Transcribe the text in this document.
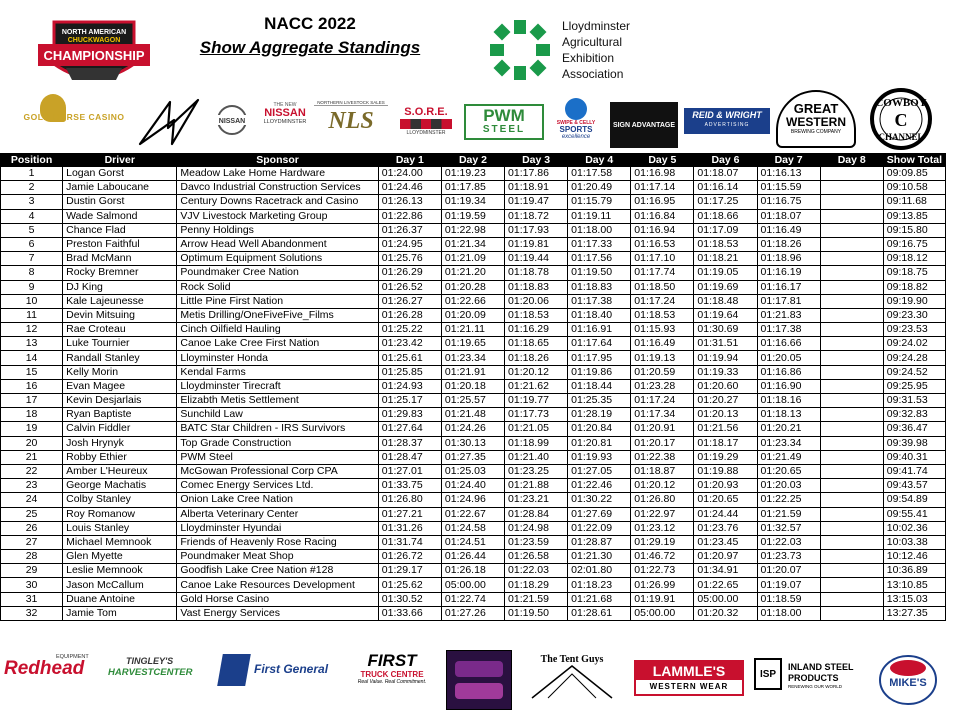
NORTH AMERICAN
CHUCKWAGON
CHAMPIONSHIP
NACC 2022
Show Aggregate Standings
Lloydminster
Agricultural
Exhibition
Association
GOLD HORSE CASINO	NISSAN
THE NEW
NISSAN
LLOYDMINSTER
NORTHERN LIVESTOCK SALES
NLS	S.O.R.E.
LLOYDMINSTER
PWM
STEEL
SWIPE & CELLY
SPORTS
excellence
SIGN ADVANTAGE
REID & WRIGHT
ADVERTISING
GREAT
WESTERN
BREWING COMPANY
COWBOY
CHANNEL
C
Position	Driver	Sponsor	Day 1	Day 2	Day 3	Day 4	Day 5	Day 6	Day 7	Day 8	Show Total
1	Logan Gorst	Meadow Lake Home Hardware	01:24.00	01:19.23	01:17.86	01:17.58	01:16.98	01:18.07	01:16.13		09:09.85
2	Jamie Laboucane	Davco Industrial Construction Services	01:24.46	01:17.85	01:18.91	01:20.49	01:17.14	01:16.14	01:15.59		09:10.58
3	Dustin Gorst	Century Downs Racetrack and Casino	01:26.13	01:19.34	01:19.47	01:15.79	01:16.95	01:17.25	01:16.75		09:11.68
4	Wade Salmond	VJV Livestock Marketing Group	01:22.86	01:19.59	01:18.72	01:19.11	01:16.84	01:18.66	01:18.07		09:13.85
5	Chance Flad	Penny Holdings	01:26.37	01:22.98	01:17.93	01:18.00	01:16.94	01:17.09	01:16.49		09:15.80
6	Preston Faithful	Arrow Head Well Abandonment	01:24.95	01:21.34	01:19.81	01:17.33	01:16.53	01:18.53	01:18.26		09:16.75
7	Brad McMann	Optimum Equipment Solutions	01:25.76	01:21.09	01:19.44	01:17.56	01:17.10	01:18.21	01:18.96		09:18.12
8	Rocky Bremner	Poundmaker Cree Nation	01:26.29	01:21.20	01:18.78	01:19.50	01:17.74	01:19.05	01:16.19		09:18.75
9	DJ King	Rock Solid	01:26.52	01:20.28	01:18.83	01:18.83	01:18.50	01:19.69	01:16.17		09:18.82
10	Kale Lajeunesse	Little Pine First Nation	01:26.27	01:22.66	01:20.06	01:17.38	01:17.24	01:18.48	01:17.81		09:19.90
11	Devin Mitsuing	Metis Drilling/OneFiveFive_Films	01:26.28	01:20.09	01:18.53	01:18.40	01:18.53	01:19.64	01:21.83		09:23.30
12	Rae Croteau	Cinch Oilfield Hauling	01:25.22	01:21.11	01:16.29	01:16.91	01:15.93	01:30.69	01:17.38		09:23.53
13	Luke Tournier	Canoe Lake Cree First Nation	01:23.42	01:19.65	01:18.65	01:17.64	01:16.49	01:31.51	01:16.66		09:24.02
14	Randall Stanley	Lloyminster Honda	01:25.61	01:23.34	01:18.26	01:17.95	01:19.13	01:19.94	01:20.05		09:24.28
15	Kelly Morin	Kendal Farms	01:25.85	01:21.91	01:20.12	01:19.86	01:20.59	01:19.33	01:16.86		09:24.52
16	Evan Magee	Lloydminster Tirecraft	01:24.93	01:20.18	01:21.62	01:18.44	01:23.28	01:20.60	01:16.90		09:25.95
17	Kevin Desjarlais	Elizabth Metis Settlement	01:25.17	01:25.57	01:19.77	01:25.35	01:17.24	01:20.27	01:18.16		09:31.53
18	Ryan Baptiste	Sunchild Law	01:29.83	01:21.48	01:17.73	01:28.19	01:17.34	01:20.13	01:18.13		09:32.83
19	Calvin Fiddler	BATC Star Children - IRS Survivors	01:27.64	01:24.26	01:21.05	01:20.84	01:20.91	01:21.56	01:20.21		09:36.47
20	Josh Hrynyk	Top Grade Construction	01:28.37	01:30.13	01:18.99	01:20.81	01:20.17	01:18.17	01:23.34		09:39.98
21	Robby Ethier	PWM Steel	01:28.47	01:27.35	01:21.40	01:19.93	01:22.38	01:19.29	01:21.49		09:40.31
22	Amber L'Heureux	McGowan Professional Corp CPA	01:27.01	01:25.03	01:23.25	01:27.05	01:18.87	01:19.88	01:20.65		09:41.74
23	George Machatis	Comec Energy Services Ltd.	01:33.75	01:24.40	01:21.88	01:22.46	01:20.12	01:20.93	01:20.03		09:43.57
24	Colby Stanley	Onion Lake Cree Nation	01:26.80	01:24.96	01:23.21	01:30.22	01:26.80	01:20.65	01:22.25		09:54.89
25	Roy Romanow	Alberta Veterinary Center	01:27.21	01:22.67	01:28.84	01:27.69	01:22.97	01:24.44	01:21.59		09:55.41
26	Louis Stanley	Lloydminster Hyundai	01:31.26	01:24.58	01:24.98	01:22.09	01:23.12	01:23.76	01:32.57		10:02.36
27	Michael Memnook	Friends of Heavenly Rose Racing	01:31.74	01:24.51	01:23.59	01:28.87	01:29.19	01:23.45	01:22.03		10:03.38
28	Glen Myette	Poundmaker Meat Shop	01:26.72	01:26.44	01:26.58	01:21.30	01:46.72	01:20.97	01:23.73		10:12.46
29	Leslie Memnook	Goodfish Lake Cree Nation #128	01:29.17	01:26.18	01:22.03	02:01.80	01:22.73	01:34.91	01:20.07		10:36.89
30	Jason McCallum	Canoe Lake Resources Development	01:25.62	05:00.00	01:18.29	01:18.23	01:26.99	01:22.65	01:19.07		13:10.85
31	Duane Antoine	Gold Horse Casino	01:30.52	01:22.74	01:21.59	01:21.68	01:19.91	05:00.00	01:18.59		13:15.03
32	Jamie Tom	Vast Energy Services	01:33.66	01:27.26	01:19.50	01:28.61	05:00.00	01:20.32	01:18.00		13:27.35
EQUIPMENT
Redhead	TINGLEY'S
HARVESTCENTER	First General	FIRST
TRUCK CENTRE
Real Value. Real Commitment.
The Tent Guys
LAMMLE'S
WESTERN WEAR
ISP
INLAND STEEL
PRODUCTS
RENEWING OUR WORLD	MIKE'S
